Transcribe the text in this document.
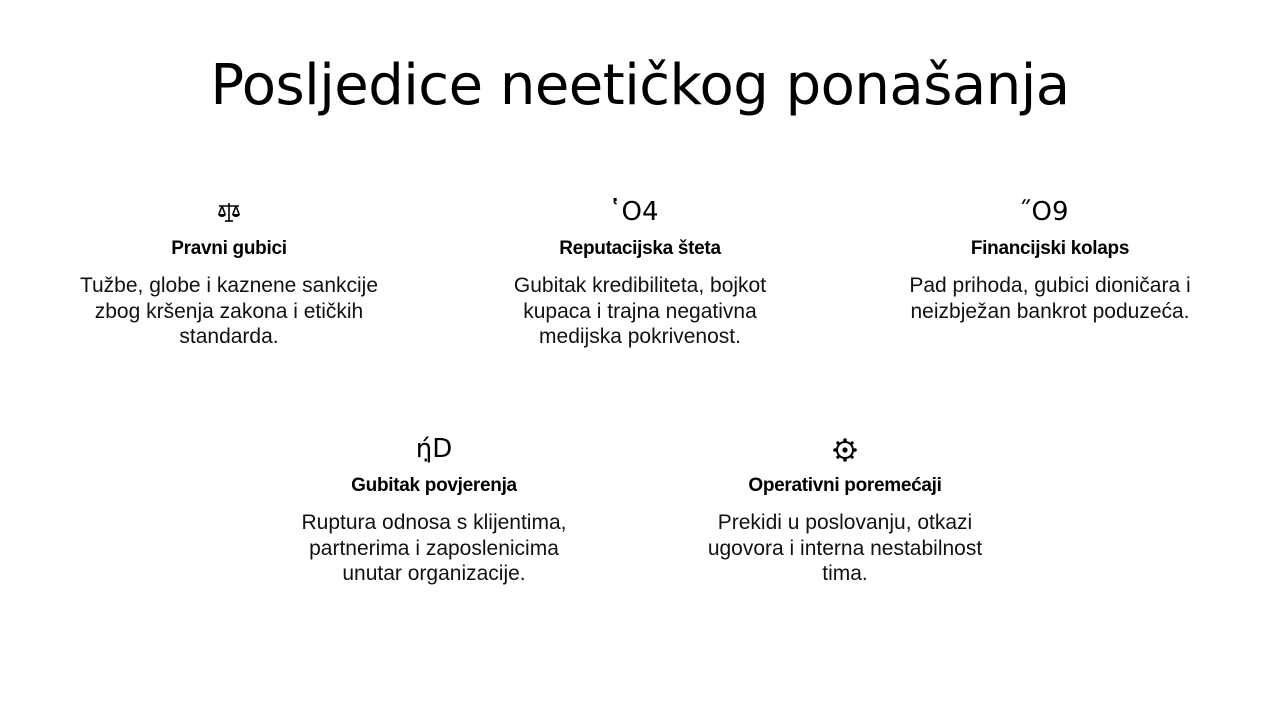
Posljedice neetičkog ponašanja
Pravni gubici
Tužbe, globe i kaznene sankcije zbog kršenja zakona i etičkih standarda.
̔O4
Reputacijska šteta
Gubitak kredibiliteta, bojkot kupaca i trajna negativna medijska pokrivenost.
̋O9
Financijski kolaps
Pad prihoda, gubici dioničara i neizbježan bankrot poduzeća.
ή̣D
Gubitak povjerenja
Ruptura odnosa s klijentima, partnerima i zaposlenicima unutar organizacije.
Operativni poremećaji
Prekidi u poslovanju, otkazi ugovora i interna nestabilnost tima.
